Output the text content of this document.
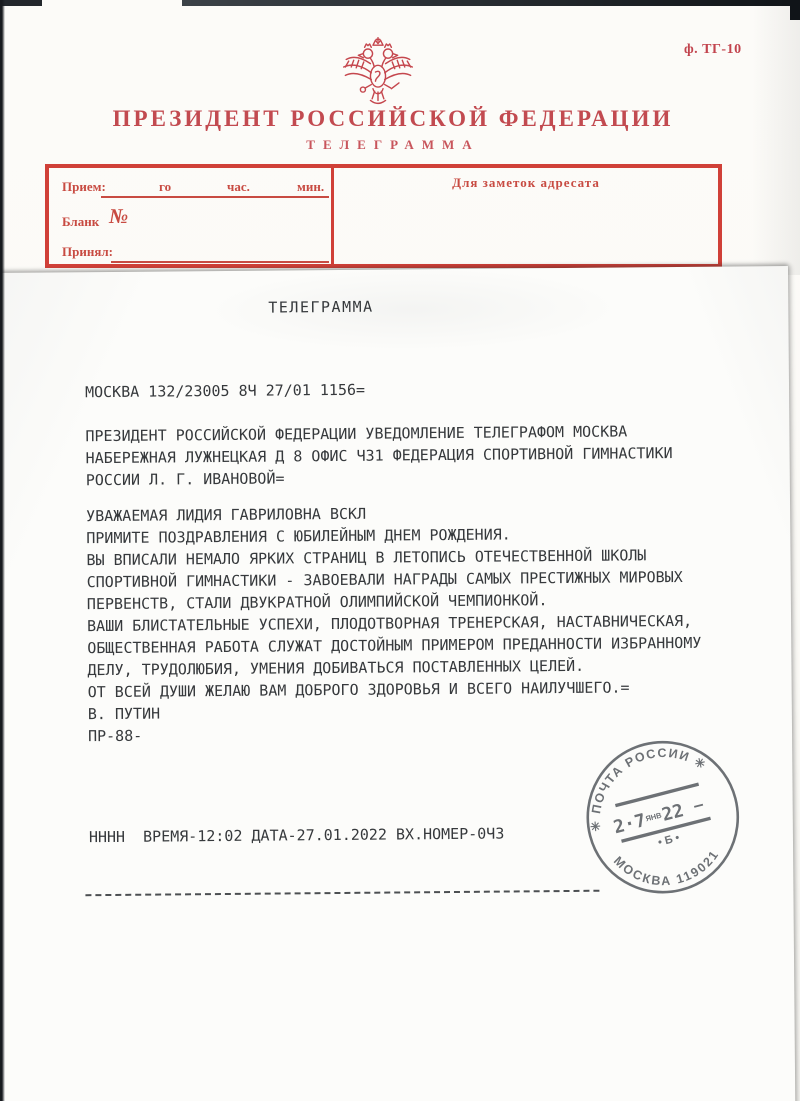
ф. ТГ-10
ПРЕЗИДЕНТ РОССИЙСКОЙ ФЕДЕРАЦИИ
ТЕЛЕГРАММА
Прием:	го	час.	мин.
Бланк №
Принял:
Для заметок адресата
ТЕЛЕГРАММА
МОСКВА 132/23005 8Ч 27/01 1156=
ПРЕЗИДЕНТ РОССИЙСКОЙ ФЕДЕРАЦИИ УВЕДОМЛЕНИЕ ТЕЛЕГРАФОМ МОСКВА
НАБЕРЕЖНАЯ ЛУЖНЕЦКАЯ Д 8 ОФИС Ч31 ФЕДЕРАЦИЯ СПОРТИВНОЙ ГИМНАСТИКИ
РОССИИ Л. Г. ИВАНОВОЙ=
УВАЖАЕМАЯ ЛИДИЯ ГАВРИЛОВНА ВСКЛ
ПРИМИТЕ ПОЗДРАВЛЕНИЯ С ЮБИЛЕЙНЫМ ДНЕМ РОЖДЕНИЯ.
ВЫ ВПИСАЛИ НЕМАЛО ЯРКИХ СТРАНИЦ В ЛЕТОПИСЬ ОТЕЧЕСТВЕННОЙ ШКОЛЫ
СПОРТИВНОЙ ГИМНАСТИКИ - ЗАВОЕВАЛИ НАГРАДЫ САМЫХ ПРЕСТИЖНЫХ МИРОВЫХ
ПЕРВЕНСТВ, СТАЛИ ДВУКРАТНОЙ ОЛИМПИЙСКОЙ ЧЕМПИОНКОЙ.
ВАШИ БЛИСТАТЕЛЬНЫЕ УСПЕХИ, ПЛОДОТВОРНАЯ ТРЕНЕРСКАЯ, НАСТАВНИЧЕСКАЯ,
ОБЩЕСТВЕННАЯ РАБОТА СЛУЖАТ ДОСТОЙНЫМ ПРИМЕРОМ ПРЕДАННОСТИ ИЗБРАННОМУ
ДЕЛУ, ТРУДОЛЮБИЯ, УМЕНИЯ ДОБИВАТЬСЯ ПОСТАВЛЕННЫХ ЦЕЛЕЙ.
ОТ ВСЕЙ ДУШИ ЖЕЛАЮ ВАМ ДОБРОГО ЗДОРОВЬЯ И ВСЕГО НАИЛУЧШЕГО.=
В. ПУТИН
ПР-88-
НННН  ВРЕМЯ-12:02 ДАТА-27.01.2022 ВХ.НОМЕР-0Ч3	✳ ПОЧТА РОССИИ ✳
МОСКВА 119021
2·7
ЯНВ
22 –
• Б •
